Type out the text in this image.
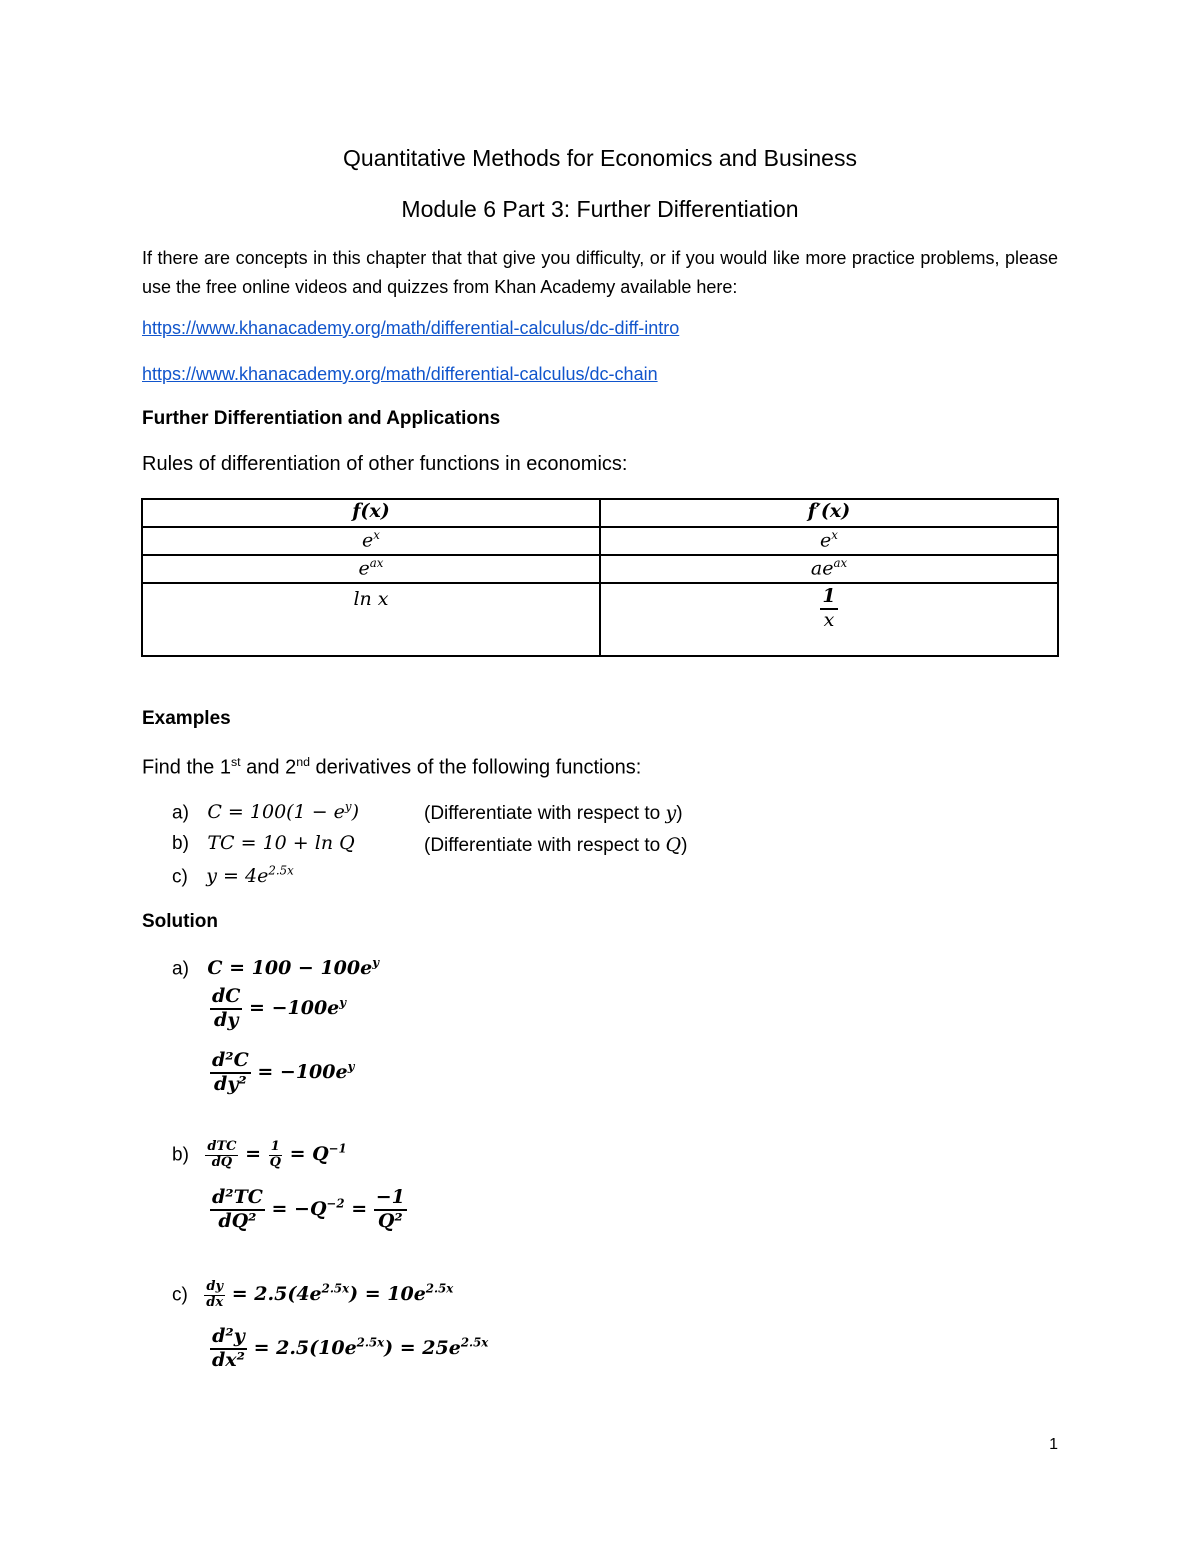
Quantitative Methods for Economics and Business
Module 6 Part 3: Further Differentiation
If there are concepts in this chapter that that give you difficulty, or if you would like more practice problems, please use the free online videos and quizzes from Khan Academy available here:
https://www.khanacademy.org/math/differential-calculus/dc-diff-intro
https://www.khanacademy.org/math/differential-calculus/dc-chain
Further Differentiation and Applications
Rules of differentiation of other functions in economics:
f(x)	f′(x)
$e^x$	$e^x$
$e^{ax}$	$ae^{ax}$
ln x	$\frac{1}{x}$
Examples
Find the 1st and 2nd derivatives of the following functions:
a) $C = 100(1 - e^y)$	(Differentiate with respect to y)
b) TC = 10 + ln Q	(Differentiate with respect to Q)
c) $y = 4e^{2.5x}$
Solution
a) $C = 100 - 100e^y$
$\frac{dC}{dy} = -100e^y$
$\frac{\text{d²C}}{\text{dy²}} = -100e^y$
$b) \frac{\text{dTC}}{dQ} = \frac{1}{Q} = Q^{-1}$
$\frac{\text{d²TC}}{\text{dQ²}} = -Q^{-2} = \frac{-1}{\text{Q²}}$
$c) \frac{dy}{dx} = 2.5(4e^{2.5x}) = 10e^{2.5x}$
$\frac{\text{d²y}}{\text{dx²}} = 2.5(10e^{2.5x}) = 25e^{2.5x}$
1
